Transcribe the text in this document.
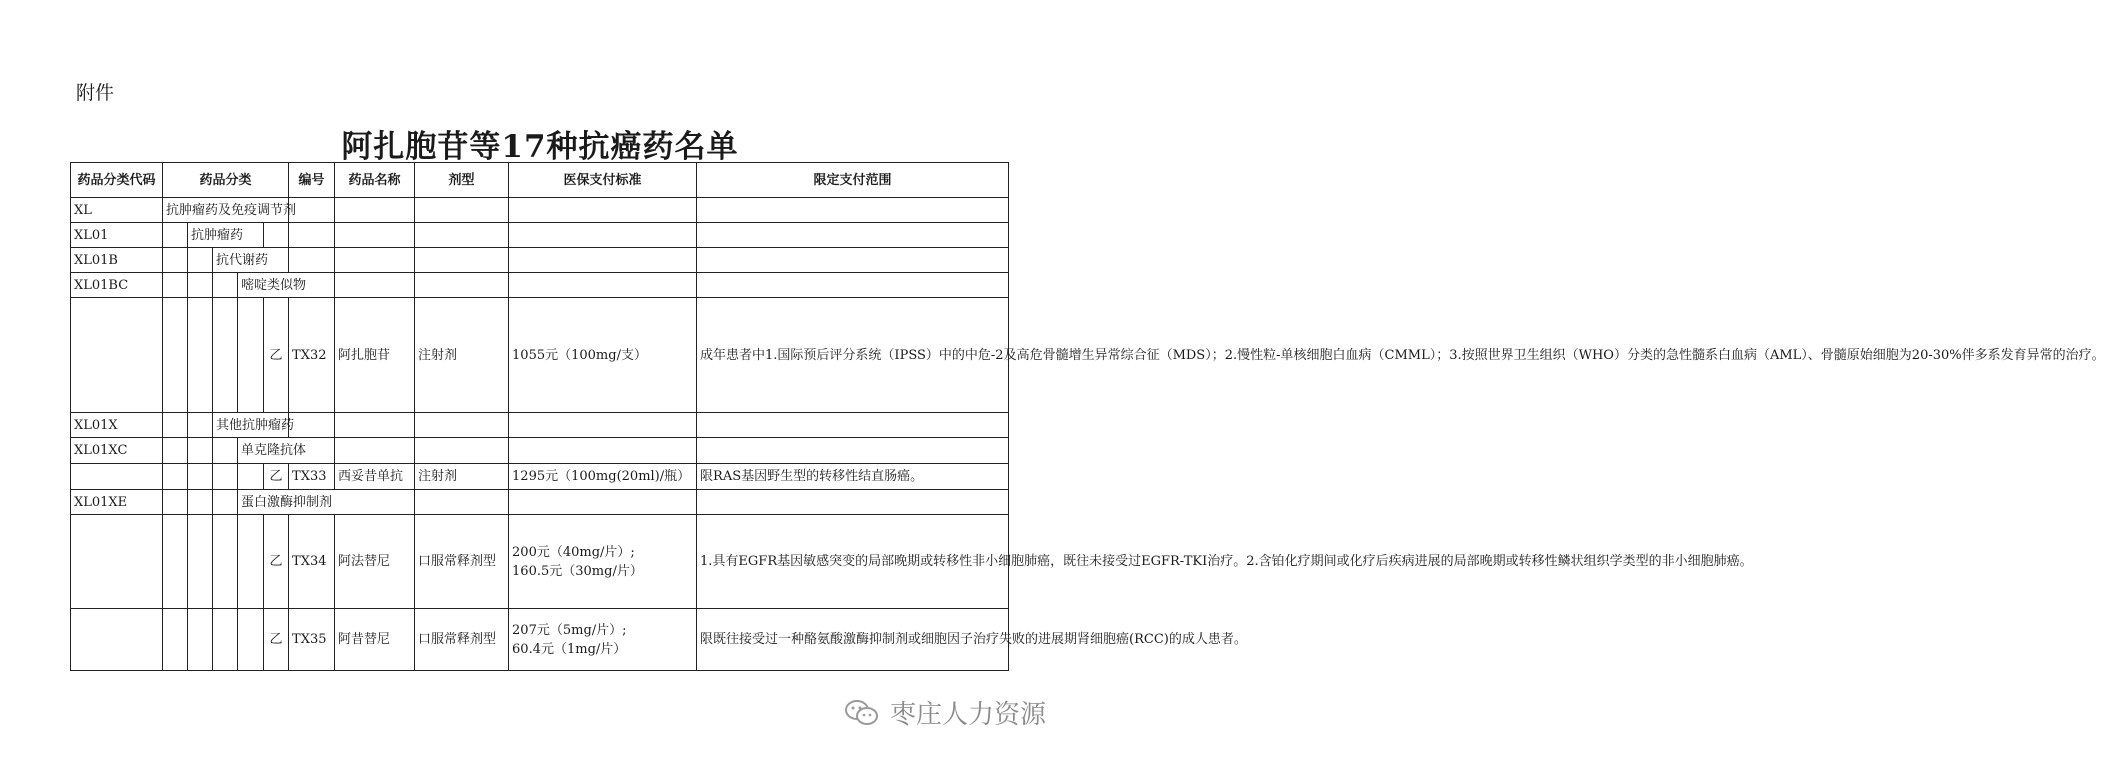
附件
阿扎胞苷等17种抗癌药名单
药品分类代码	药品分类					编号	药品名称	剂型	医保支付标准	限定支付范围
XL	抗肿瘤药及免疫调节剂									
XL01		抗肿瘤药								
XL01B			抗代谢药							
XL01BC				嘧啶类似物						
					乙	TX32	阿扎胞苷	注射剂	1055元（100mg/支）	成年患者中1.国际预后评分系统（IPSS）中的中危-2及高危骨髓增生异常综合征（MDS）；2.慢性粒-单核细胞白血病（CMML）；3.按照世界卫生组织（WHO）分类的急性髓系白血病（AML）、骨髓原始细胞为20-30%伴多系发育异常的治疗。
XL01X			其他抗肿瘤药							
XL01XC				单克隆抗体						
					乙	TX33	西妥昔单抗	注射剂	1295元（100mg(20ml)/瓶）	限RAS基因野生型的转移性结直肠癌。
XL01XE				蛋白激酶抑制剂						
					乙	TX34	阿法替尼	口服常释剂型	200元（40mg/片）;
160.5元（30mg/片）	1.具有EGFR基因敏感突变的局部晚期或转移性非小细胞肺癌，既往未接受过EGFR-TKI治疗。2.含铂化疗期间或化疗后疾病进展的局部晚期或转移性鳞状组织学类型的非小细胞肺癌。
					乙	TX35	阿昔替尼	口服常释剂型	207元（5mg/片）;
60.4元（1mg/片）	限既往接受过一种酪氨酸激酶抑制剂或细胞因子治疗失败的进展期肾细胞癌(RCC)的成人患者。
枣庄人力资源
